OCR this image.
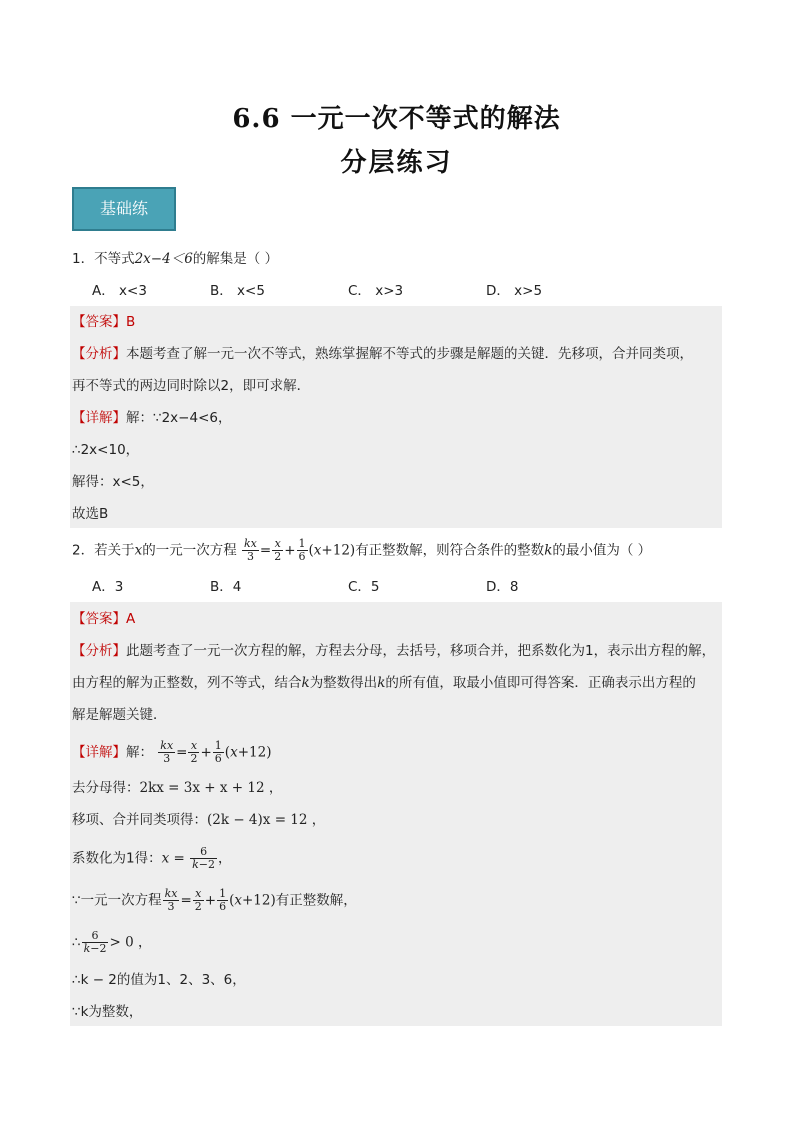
6.6 一元一次不等式的解法
分层练习
基础练
1．不等式2x−4＜6的解集是（ ）
A． x<3	B． x<5	C． x>3	D． x>5
【答案】B
【分析】本题考查了解一元一次不等式，熟练掌握解不等式的步骤是解题的关键．先移项，合并同类项，
再不等式的两边同时除以2，即可求解．
【详解】解：∵2x−4<6，
∴2x<10，
解得：x<5，
故选B
2．若关于x的一元一次方程 $\frac{kx}{3} = \frac{x}{2} + \frac{1}{6} (x+12)$有正整数解，则符合条件的整数k的最小值为（ ）
A．3	B．4	C．5	D．8
【答案】A
【分析】此题考查了一元一次方程的解，方程去分母，去括号，移项合并，把系数化为1，表示出方程的解，
由方程的解为正整数，列不等式，结合k为整数得出k的所有值，取最小值即可得答案．正确表示出方程的
解是解题关键．
【详解】解： $\frac{kx}{3} = \frac{x}{2} + \frac{1}{6} (x+12)$
去分母得：2kx = 3x + x + 12 ，
移项、合并同类项得：(2k − 4)x = 12 ，
系数化为1得：$x = \frac{6}{k-2}$ ，
∵一元一次方程 $\frac{kx}{3} = \frac{x}{2} + \frac{1}{6} (x+12)$有正整数解，
∴ $\frac{6}{k-2} > 0$ ，
∴k − 2的值为1、2、3、6，
∵k为整数，
